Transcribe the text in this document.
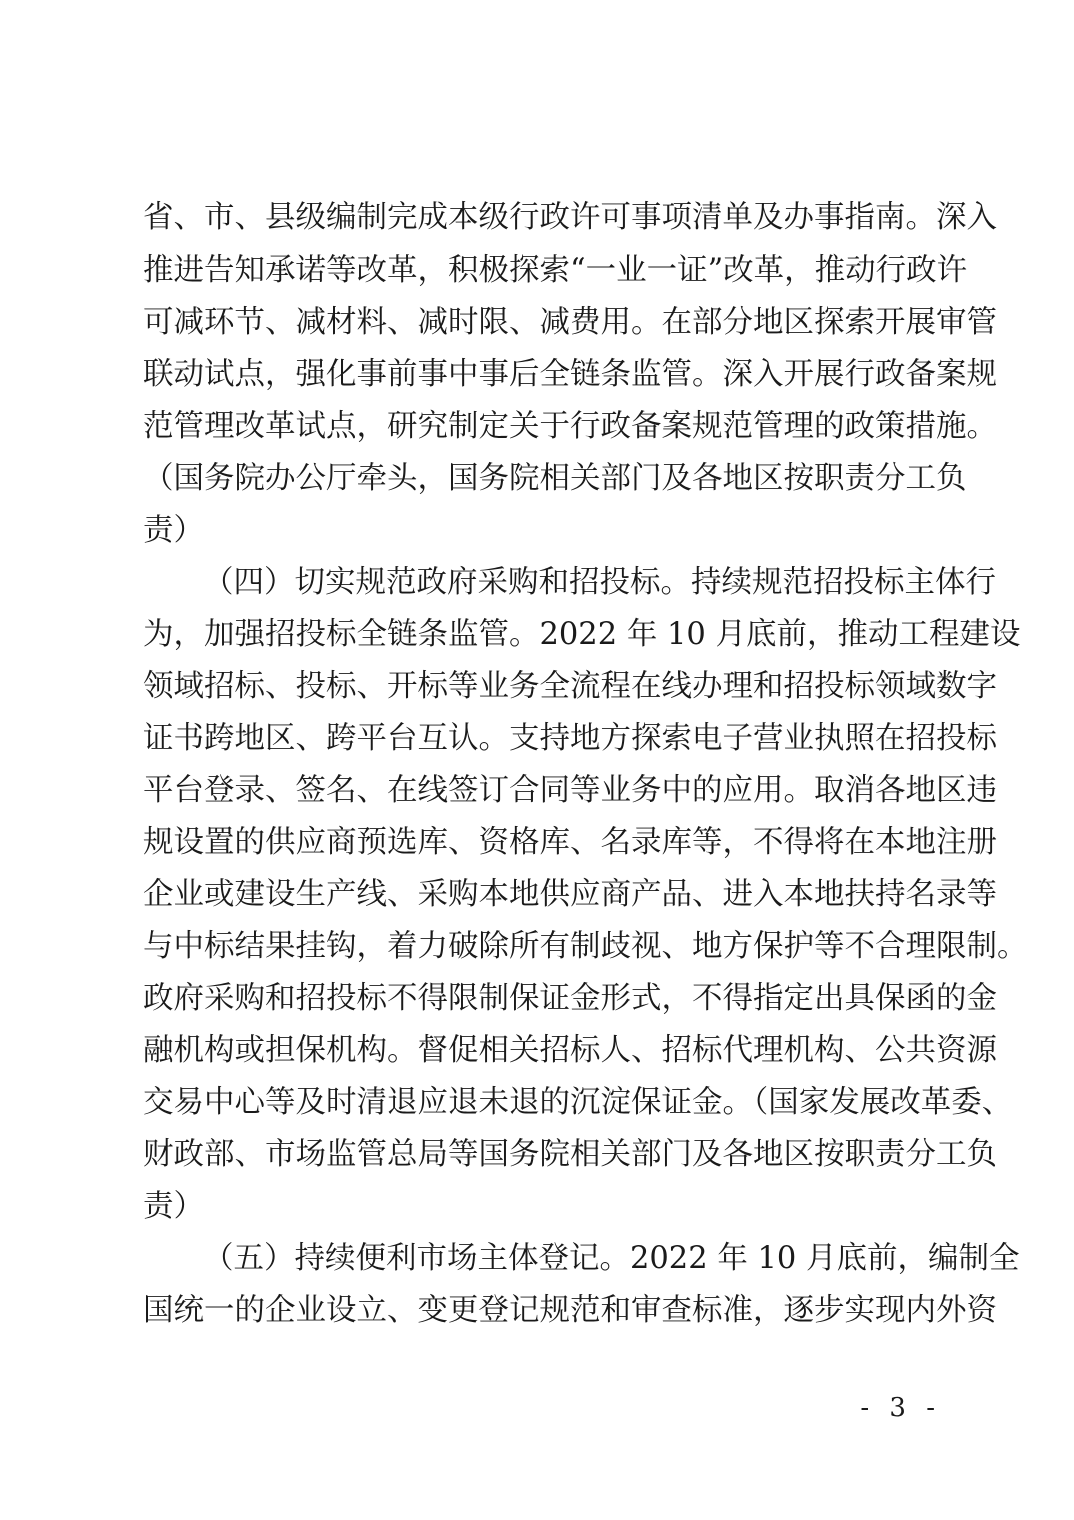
省、市、县级编制完成本级行政许可事项清单及办事指南。深入
推进告知承诺等改革，积极探索“一业一证”改革，推动行政许
可减环节、减材料、减时限、减费用。在部分地区探索开展审管
联动试点，强化事前事中事后全链条监管。深入开展行政备案规
范管理改革试点，研究制定关于行政备案规范管理的政策措施。
（国务院办公厅牵头，国务院相关部门及各地区按职责分工负
责）
（四）切实规范政府采购和招投标。持续规范招投标主体行
为，加强招投标全链条监管。2022 年 10 月底前，推动工程建设
领域招标、投标、开标等业务全流程在线办理和招投标领域数字
证书跨地区、跨平台互认。支持地方探索电子营业执照在招投标
平台登录、签名、在线签订合同等业务中的应用。取消各地区违
规设置的供应商预选库、资格库、名录库等，不得将在本地注册
企业或建设生产线、采购本地供应商产品、进入本地扶持名录等
与中标结果挂钩，着力破除所有制歧视、地方保护等不合理限制。
政府采购和招投标不得限制保证金形式，不得指定出具保函的金
融机构或担保机构。督促相关招标人、招标代理机构、公共资源
交易中心等及时清退应退未退的沉淀保证金。（国家发展改革委、
财政部、市场监管总局等国务院相关部门及各地区按职责分工负
责）
（五）持续便利市场主体登记。2022 年 10 月底前，编制全
国统一的企业设立、变更登记规范和审查标准，逐步实现内外资
- 3 -
